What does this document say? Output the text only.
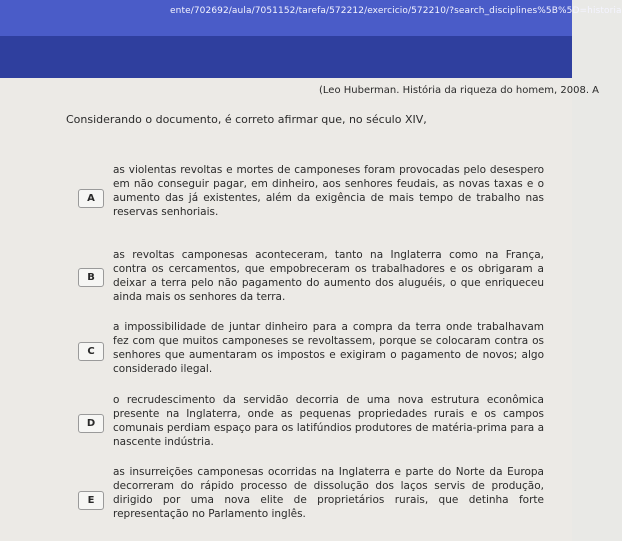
ente/702692/aula/7051152/tarefa/572212/exercicio/572210/?search_disciplines%5B%5D=historia
(Leo Huberman. História da riqueza do homem, 2008. A
Considerando o documento, é correto afirmar que, no século XIV,
A
as violentas revoltas e mortes de camponeses foram provocadas pelo desespero em não conseguir pagar, em dinheiro, aos senhores feudais, as novas taxas e o aumento das já existentes, além da exigência de mais tempo de trabalho nas reservas senhoriais.
B
as revoltas camponesas aconteceram, tanto na Inglaterra como na França, contra os cercamentos, que empobreceram os trabalhadores e os obrigaram a deixar a terra pelo não pagamento do aumento dos aluguéis, o que enriqueceu ainda mais os senhores da terra.
C
a impossibilidade de juntar dinheiro para a compra da terra onde trabalhavam fez com que muitos camponeses se revoltassem, porque se colocaram contra os senhores que aumentaram os impostos e exigiram o pagamento de novos; algo considerado ilegal.
D
o recrudescimento da servidão decorria de uma nova estrutura econômica presente na Inglaterra, onde as pequenas propriedades rurais e os campos comunais perdiam espaço para os latifúndios produtores de matéria-prima para a nascente indústria.
E
as insurreições camponesas ocorridas na Inglaterra e parte do Norte da Europa decorreram do rápido processo de dissolução dos laços servis de produção, dirigido por uma nova elite de proprietários rurais, que detinha forte representação no Parlamento inglês.
